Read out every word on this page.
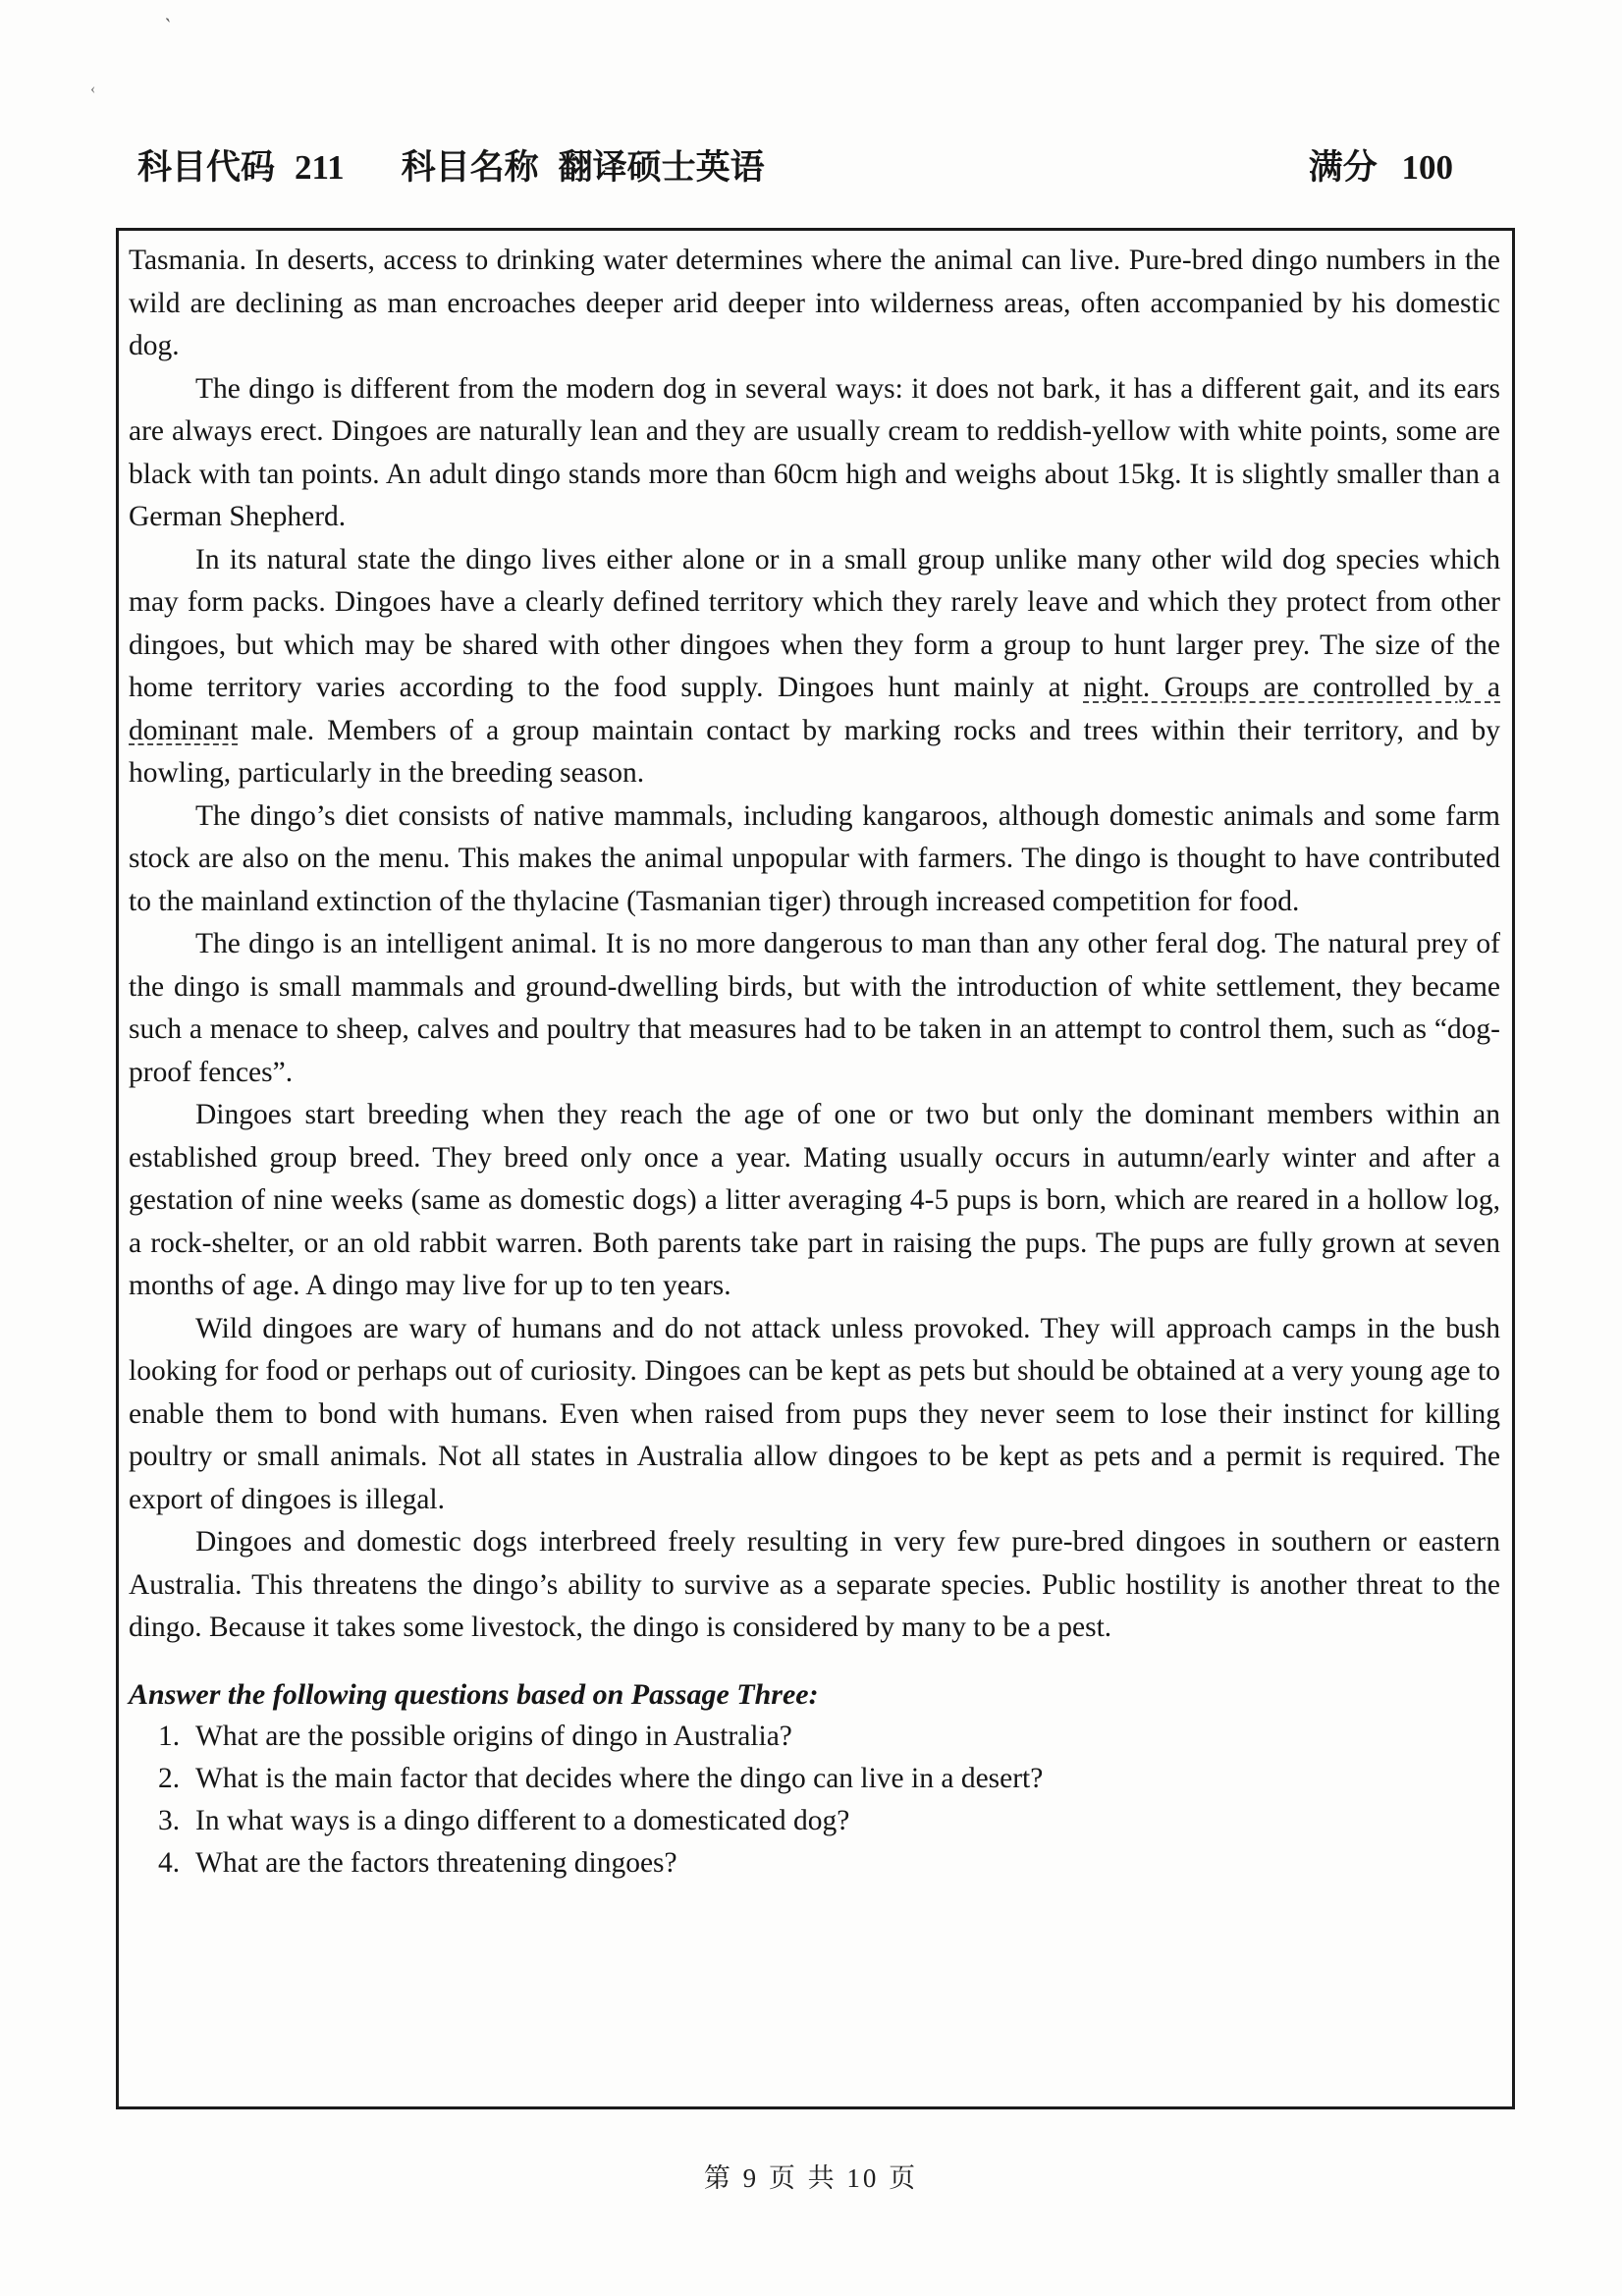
`
‹
科目代码 211 科目名称 翻译硕士英语	满分 100

Tasmania. In deserts, access to drinking water determines where the animal can live. Pure-bred dingo numbers in the wild are declining as man encroaches deeper arid deeper into wilderness areas, often accompanied by his domestic dog.

The dingo is different from the modern dog in several ways: it does not bark, it has a different gait, and its ears are always erect. Dingoes are naturally lean and they are usually cream to reddish-yellow with white points, some are black with tan points. An adult dingo stands more than 60cm high and weighs about 15kg. It is slightly smaller than a German Shepherd.

In its natural state the dingo lives either alone or in a small group unlike many other wild dog species which may form packs. Dingoes have a clearly defined territory which they rarely leave and which they protect from other dingoes, but which may be shared with other dingoes when they form a group to hunt larger prey. The size of the home territory varies according to the food supply. Dingoes hunt mainly at night. Groups are controlled by a dominant male. Members of a group maintain contact by marking rocks and trees within their territory, and by howling, particularly in the breeding season.

The dingo’s diet consists of native mammals, including kangaroos, although domestic animals and some farm stock are also on the menu. This makes the animal unpopular with farmers. The dingo is thought to have contributed to the mainland extinction of the thylacine (Tasmanian tiger) through increased competition for food.

The dingo is an intelligent animal. It is no more dangerous to man than any other feral dog. The natural prey of the dingo is small mammals and ground-dwelling birds, but with the introduction of white settlement, they became such a menace to sheep, calves and poultry that measures had to be taken in an attempt to control them, such as “dog-proof fences”.

Dingoes start breeding when they reach the age of one or two but only the dominant members within an established group breed. They breed only once a year. Mating usually occurs in autumn/early winter and after a gestation of nine weeks (same as domestic dogs) a litter averaging 4-5 pups is born, which are reared in a hollow log, a rock-shelter, or an old rabbit warren. Both parents take part in raising the pups. The pups are fully grown at seven months of age. A dingo may live for up to ten years.

Wild dingoes are wary of humans and do not attack unless provoked. They will approach camps in the bush looking for food or perhaps out of curiosity. Dingoes can be kept as pets but should be obtained at a very young age to enable them to bond with humans. Even when raised from pups they never seem to lose their instinct for killing poultry or small animals. Not all states in Australia allow dingoes to be kept as pets and a permit is required. The export of dingoes is illegal.

Dingoes and domestic dogs interbreed freely resulting in very few pure-bred dingoes in southern or eastern Australia. This threatens the dingo’s ability to survive as a separate species. Public hostility is another threat to the dingo. Because it takes some livestock, the dingo is considered by many to be a pest.

Answer the following questions based on Passage Three:

1. What are the possible origins of dingo in Australia?
2. What is the main factor that decides where the dingo can live in a desert?
3. In what ways is a dingo different to a domesticated dog?
4. What are the factors threatening dingoes?
第 9 页 共 10 页
